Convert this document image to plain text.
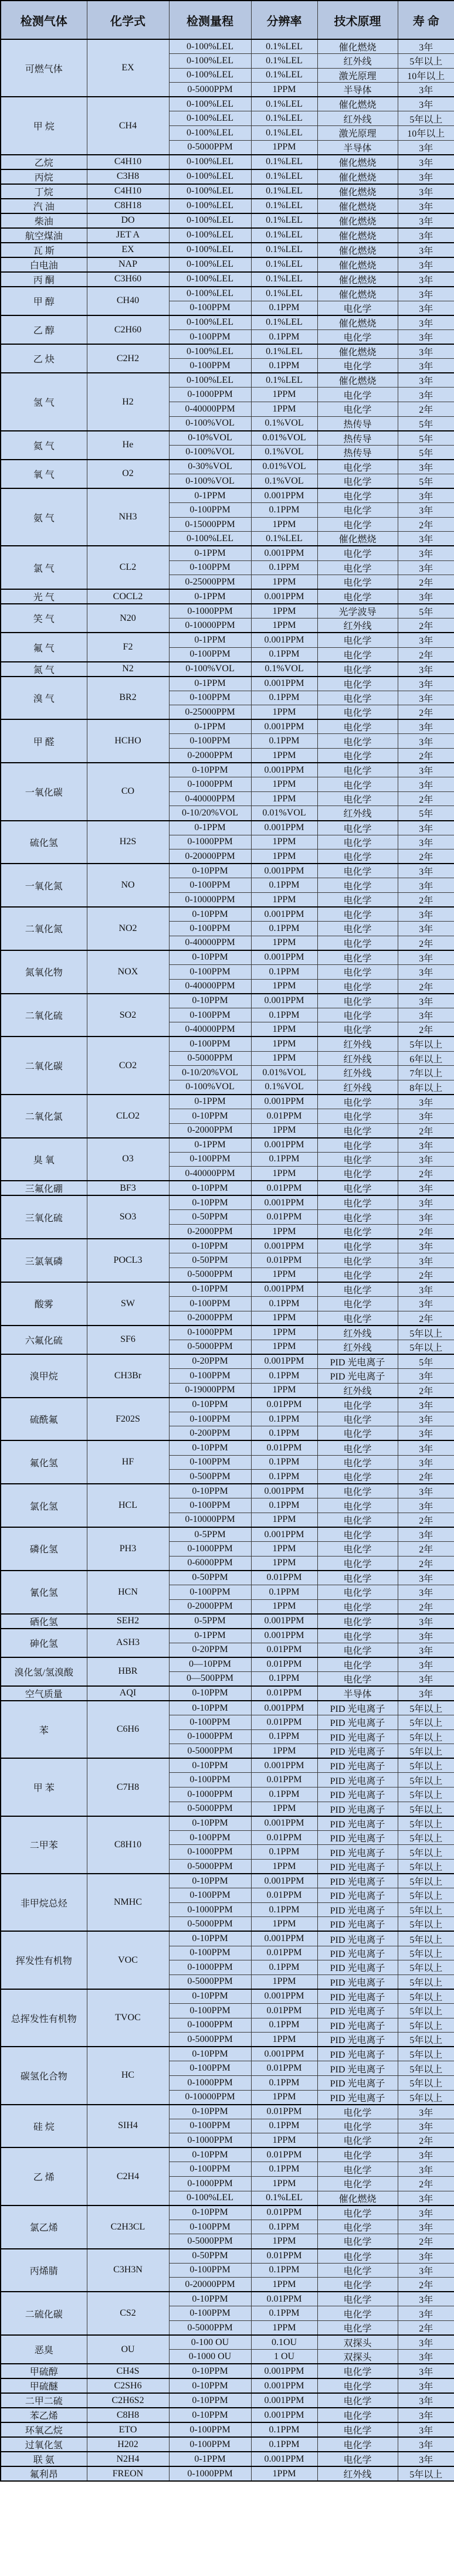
检测气体	化学式	检测量程	分辨率	技术原理	寿 命
可燃气体	EX	0-100%LEL	0.1%LEL	催化燃烧	3年
		0-100%LEL	0.1%LEL	红外线	5年以上
		0-100%LEL	0.1%LEL	激光原理	10年以上
		0-5000PPM	1PPM	半导体	3年
甲 烷	CH4	0-100%LEL	0.1%LEL	催化燃烧	3年
		0-100%LEL	0.1%LEL	红外线	5年以上
		0-100%LEL	0.1%LEL	激光原理	10年以上
		0-5000PPM	1PPM	半导体	3年
乙烷	C4H10	0-100%LEL	0.1%LEL	催化燃烧	3年
丙烷	C3H8	0-100%LEL	0.1%LEL	催化燃烧	3年
丁烷	C4H10	0-100%LEL	0.1%LEL	催化燃烧	3年
汽 油	C8H18	0-100%LEL	0.1%LEL	催化燃烧	3年
柴油	DO	0-100%LEL	0.1%LEL	催化燃烧	3年
航空煤油	JET A	0-100%LEL	0.1%LEL	催化燃烧	3年
瓦 斯	EX	0-100%LEL	0.1%LEL	催化燃烧	3年
白电油	NAP	0-100%LEL	0.1%LEL	催化燃烧	3年
丙 酮	C3H60	0-100%LEL	0.1%LEL	催化燃烧	3年
甲 醇	CH40	0-100%LEL	0.1%LEL	催化燃烧	3年
		0-100PPM	0.1PPM	电化学	3年
乙 醇	C2H60	0-100%LEL	0.1%LEL	催化燃烧	3年
		0-100PPM	0.1PPM	电化学	3年
乙 炔	C2H2	0-100%LEL	0.1%LEL	催化燃烧	3年
		0-100PPM	0.1PPM	电化学	3年
氢 气	H2	0-100%LEL	0.1%LEL	催化燃烧	3年
		0-1000PPM	1PPM	电化学	3年
		0-40000PPM	1PPM	电化学	2年
		0-100%VOL	0.1%VOL	热传导	5年
氦 气	He	0-10%VOL	0.01%VOL	热传导	5年
		0-100%VOL	0.1%VOL	热传导	5年
氧 气	O2	0-30%VOL	0.01%VOL	电化学	3年
		0-100%VOL	0.1%VOL	电化学	5年
氨 气	NH3	0-1PPM	0.001PPM	电化学	3年
		0-100PPM	0.1PPM	电化学	3年
		0-15000PPM	1PPM	电化学	2年
		0-100%LEL	0.1%LEL	催化燃烧	3年
氯 气	CL2	0-1PPM	0.001PPM	电化学	3年
		0-100PPM	0.1PPM	电化学	3年
		0-25000PPM	1PPM	电化学	2年
光 气	COCL2	0-1PPM	0.001PPM	电化学	3年
笑 气	N20	0-1000PPM	1PPM	光学波导	5年
		0-10000PPM	1PPM	红外线	2年
氟 气	F2	0-1PPM	0.001PPM	电化学	3年
		0-100PPM	0.1PPM	电化学	2年
氮 气	N2	0-100%VOL	0.1%VOL	电化学	3年
溴 气	BR2	0-1PPM	0.001PPM	电化学	3年
		0-100PPM	0.1PPM	电化学	3年
		0-25000PPM	1PPM	电化学	2年
甲 醛	HCHO	0-1PPM	0.001PPM	电化学	3年
		0-100PPM	0.1PPM	电化学	3年
		0-2000PPM	1PPM	电化学	2年
一氧化碳	CO	0-10PPM	0.001PPM	电化学	3年
		0-1000PPM	1PPM	电化学	3年
		0-40000PPM	1PPM	电化学	2年
		0-10/20%VOL	0.01%VOL	红外线	5年
硫化氢	H2S	0-1PPM	0.001PPM	电化学	3年
		0-1000PPM	1PPM	电化学	3年
		0-20000PPM	1PPM	电化学	2年
一氧化氮	NO	0-10PPM	0.001PPM	电化学	3年
		0-100PPM	0.1PPM	电化学	3年
		0-10000PPM	1PPM	电化学	2年
二氧化氮	NO2	0-10PPM	0.001PPM	电化学	3年
		0-100PPM	0.1PPM	电化学	3年
		0-40000PPM	1PPM	电化学	2年
氮氧化物	NOX	0-10PPM	0.001PPM	电化学	3年
		0-100PPM	0.1PPM	电化学	3年
		0-40000PPM	1PPM	电化学	2年
二氧化硫	SO2	0-10PPM	0.001PPM	电化学	3年
		0-100PPM	0.1PPM	电化学	3年
		0-40000PPM	1PPM	电化学	2年
二氧化碳	CO2	0-100PPM	1PPM	红外线	5年以上
		0-5000PPM	1PPM	红外线	6年以上
		0-10/20%VOL	0.01%VOL	红外线	7年以上
		0-100%VOL	0.1%VOL	红外线	8年以上
二氧化氯	CLO2	0-1PPM	0.001PPM	电化学	3年
		0-10PPM	0.01PPM	电化学	3年
		0-2000PPM	1PPM	电化学	2年
臭 氧	O3	0-1PPM	0.001PPM	电化学	3年
		0-100PPM	0.1PPM	电化学	3年
		0-40000PPM	1PPM	电化学	2年
三氟化硼	BF3	0-10PPM	0.01PPM	电化学	3年
三氧化硫	SO3	0-10PPM	0.001PPM	电化学	3年
		0-50PPM	0.01PPM	电化学	3年
		0-2000PPM	1PPM	电化学	2年
三氯氧磷	POCL3	0-10PPM	0.001PPM	电化学	3年
		0-50PPM	0.01PPM	电化学	3年
		0-5000PPM	1PPM	电化学	2年
酸雾	SW	0-10PPM	0.001PPM	电化学	3年
		0-100PPM	0.1PPM	电化学	3年
		0-2000PPM	1PPM	电化学	2年
六氟化硫	SF6	0-1000PPM	1PPM	红外线	5年以上
		0-5000PPM	1PPM	红外线	5年以上
溴甲烷	CH3Br	0-20PPM	0.001PPM	PID 光电离子	5年
		0-100PPM	0.1PPM	PID 光电离子	3年
		0-19000PPM	1PPM	红外线	2年
硫酰氟	F202S	0-10PPM	0.01PPM	电化学	3年
		0-100PPM	0.1PPM	电化学	3年
		0-200PPM	0.1PPM	电化学	3年
氟化氢	HF	0-10PPM	0.01PPM	电化学	3年
		0-100PPM	0.1PPM	电化学	3年
		0-500PPM	0.1PPM	电化学	2年
氯化氢	HCL	0-10PPM	0.001PPM	电化学	3年
		0-100PPM	0.1PPM	电化学	3年
		0-10000PPM	1PPM	电化学	2年
磷化氢	PH3	0-5PPM	0.001PPM	电化学	3年
		0-1000PPM	1PPM	电化学	2年
		0-6000PPM	1PPM	电化学	2年
氰化氢	HCN	0-50PPM	0.01PPM	电化学	3年
		0-100PPM	0.1PPM	电化学	3年
		0-2000PPM	1PPM	电化学	2年
硒化氢	SEH2	0-5PPM	0.001PPM	电化学	3年
砷化氢	ASH3	0-1PPM	0.001PPM	电化学	3年
		0-20PPM	0.01PPM	电化学	3年
溴化氢/氢溴酸	HBR	0—10PPM	0.01PPM	电化学	3年
		0—500PPM	0.1PPM	电化学	3年
空气质量	AQI	0-10PPM	0.01PPM	半导体	3年
苯	C6H6	0-10PPM	0.001PPM	PID 光电离子	5年以上
		0-100PPM	0.01PPM	PID 光电离子	5年以上
		0-1000PPM	0.1PPM	PID 光电离子	5年以上
		0-5000PPM	1PPM	PID 光电离子	5年以上
甲 苯	C7H8	0-10PPM	0.001PPM	PID 光电离子	5年以上
		0-100PPM	0.01PPM	PID 光电离子	5年以上
		0-1000PPM	0.1PPM	PID 光电离子	5年以上
		0-5000PPM	1PPM	PID 光电离子	5年以上
二甲苯	C8H10	0-10PPM	0.001PPM	PID 光电离子	5年以上
		0-100PPM	0.01PPM	PID 光电离子	5年以上
		0-1000PPM	0.1PPM	PID 光电离子	5年以上
		0-5000PPM	1PPM	PID 光电离子	5年以上
非甲烷总烃	NMHC	0-10PPM	0.001PPM	PID 光电离子	5年以上
		0-100PPM	0.01PPM	PID 光电离子	5年以上
		0-1000PPM	0.1PPM	PID 光电离子	5年以上
		0-5000PPM	1PPM	PID 光电离子	5年以上
挥发性有机物	VOC	0-10PPM	0.001PPM	PID 光电离子	5年以上
		0-100PPM	0.01PPM	PID 光电离子	5年以上
		0-1000PPM	0.1PPM	PID 光电离子	5年以上
		0-5000PPM	1PPM	PID 光电离子	5年以上
总挥发性有机物	TVOC	0-10PPM	0.001PPM	PID 光电离子	5年以上
		0-100PPM	0.01PPM	PID 光电离子	5年以上
		0-1000PPM	0.1PPM	PID 光电离子	5年以上
		0-5000PPM	1PPM	PID 光电离子	5年以上
碳氢化合物	HC	0-10PPM	0.001PPM	PID 光电离子	5年以上
		0-100PPM	0.01PPM	PID 光电离子	5年以上
		0-1000PPM	0.1PPM	PID 光电离子	5年以上
		0-10000PPM	1PPM	PID 光电离子	5年以上
硅 烷	SIH4	0-10PPM	0.01PPM	电化学	3年
		0-100PPM	0.1PPM	电化学	3年
		0-1000PPM	1PPM	电化学	2年
乙 烯	C2H4	0-10PPM	0.01PPM	电化学	3年
		0-100PPM	0.1PPM	电化学	3年
		0-1000PPM	1PPM	电化学	2年
		0-100%LEL	0.1%LEL	催化燃烧	3年
氯乙烯	C2H3CL	0-10PPM	0.01PPM	电化学	3年
		0-100PPM	0.1PPM	电化学	3年
		0-5000PPM	1PPM	电化学	2年
丙烯腈	C3H3N	0-50PPM	0.01PPM	电化学	3年
		0-100PPM	0.1PPM	电化学	3年
		0-20000PPM	1PPM	电化学	2年
二硫化碳	CS2	0-10PPM	0.01PPM	电化学	3年
		0-100PPM	0.1PPM	电化学	3年
		0-5000PPM	1PPM	电化学	2年
恶臭	OU	0-100 OU	0.1OU	双探头	3年
		0-1000 OU	1 OU	双探头	3年
甲硫醇	CH4S	0-10PPM	0.001PPM	电化学	3年
甲硫醚	C2SH6	0-10PPM	0.001PPM	电化学	3年
二甲二硫	C2H6S2	0-10PPM	0.001PPM	电化学	3年
苯乙烯	C8H8	0-10PPM	0.001PPM	电化学	3年
环氧乙烷	ETO	0-100PPM	0.1PPM	电化学	3年
过氧化氢	H202	0-100PPM	0.1PPM	电化学	3年
联 氨	N2H4	0-1PPM	0.001PPM	电化学	3年
氟利昂	FREON	0-1000PPM	1PPM	红外线	5年以上
